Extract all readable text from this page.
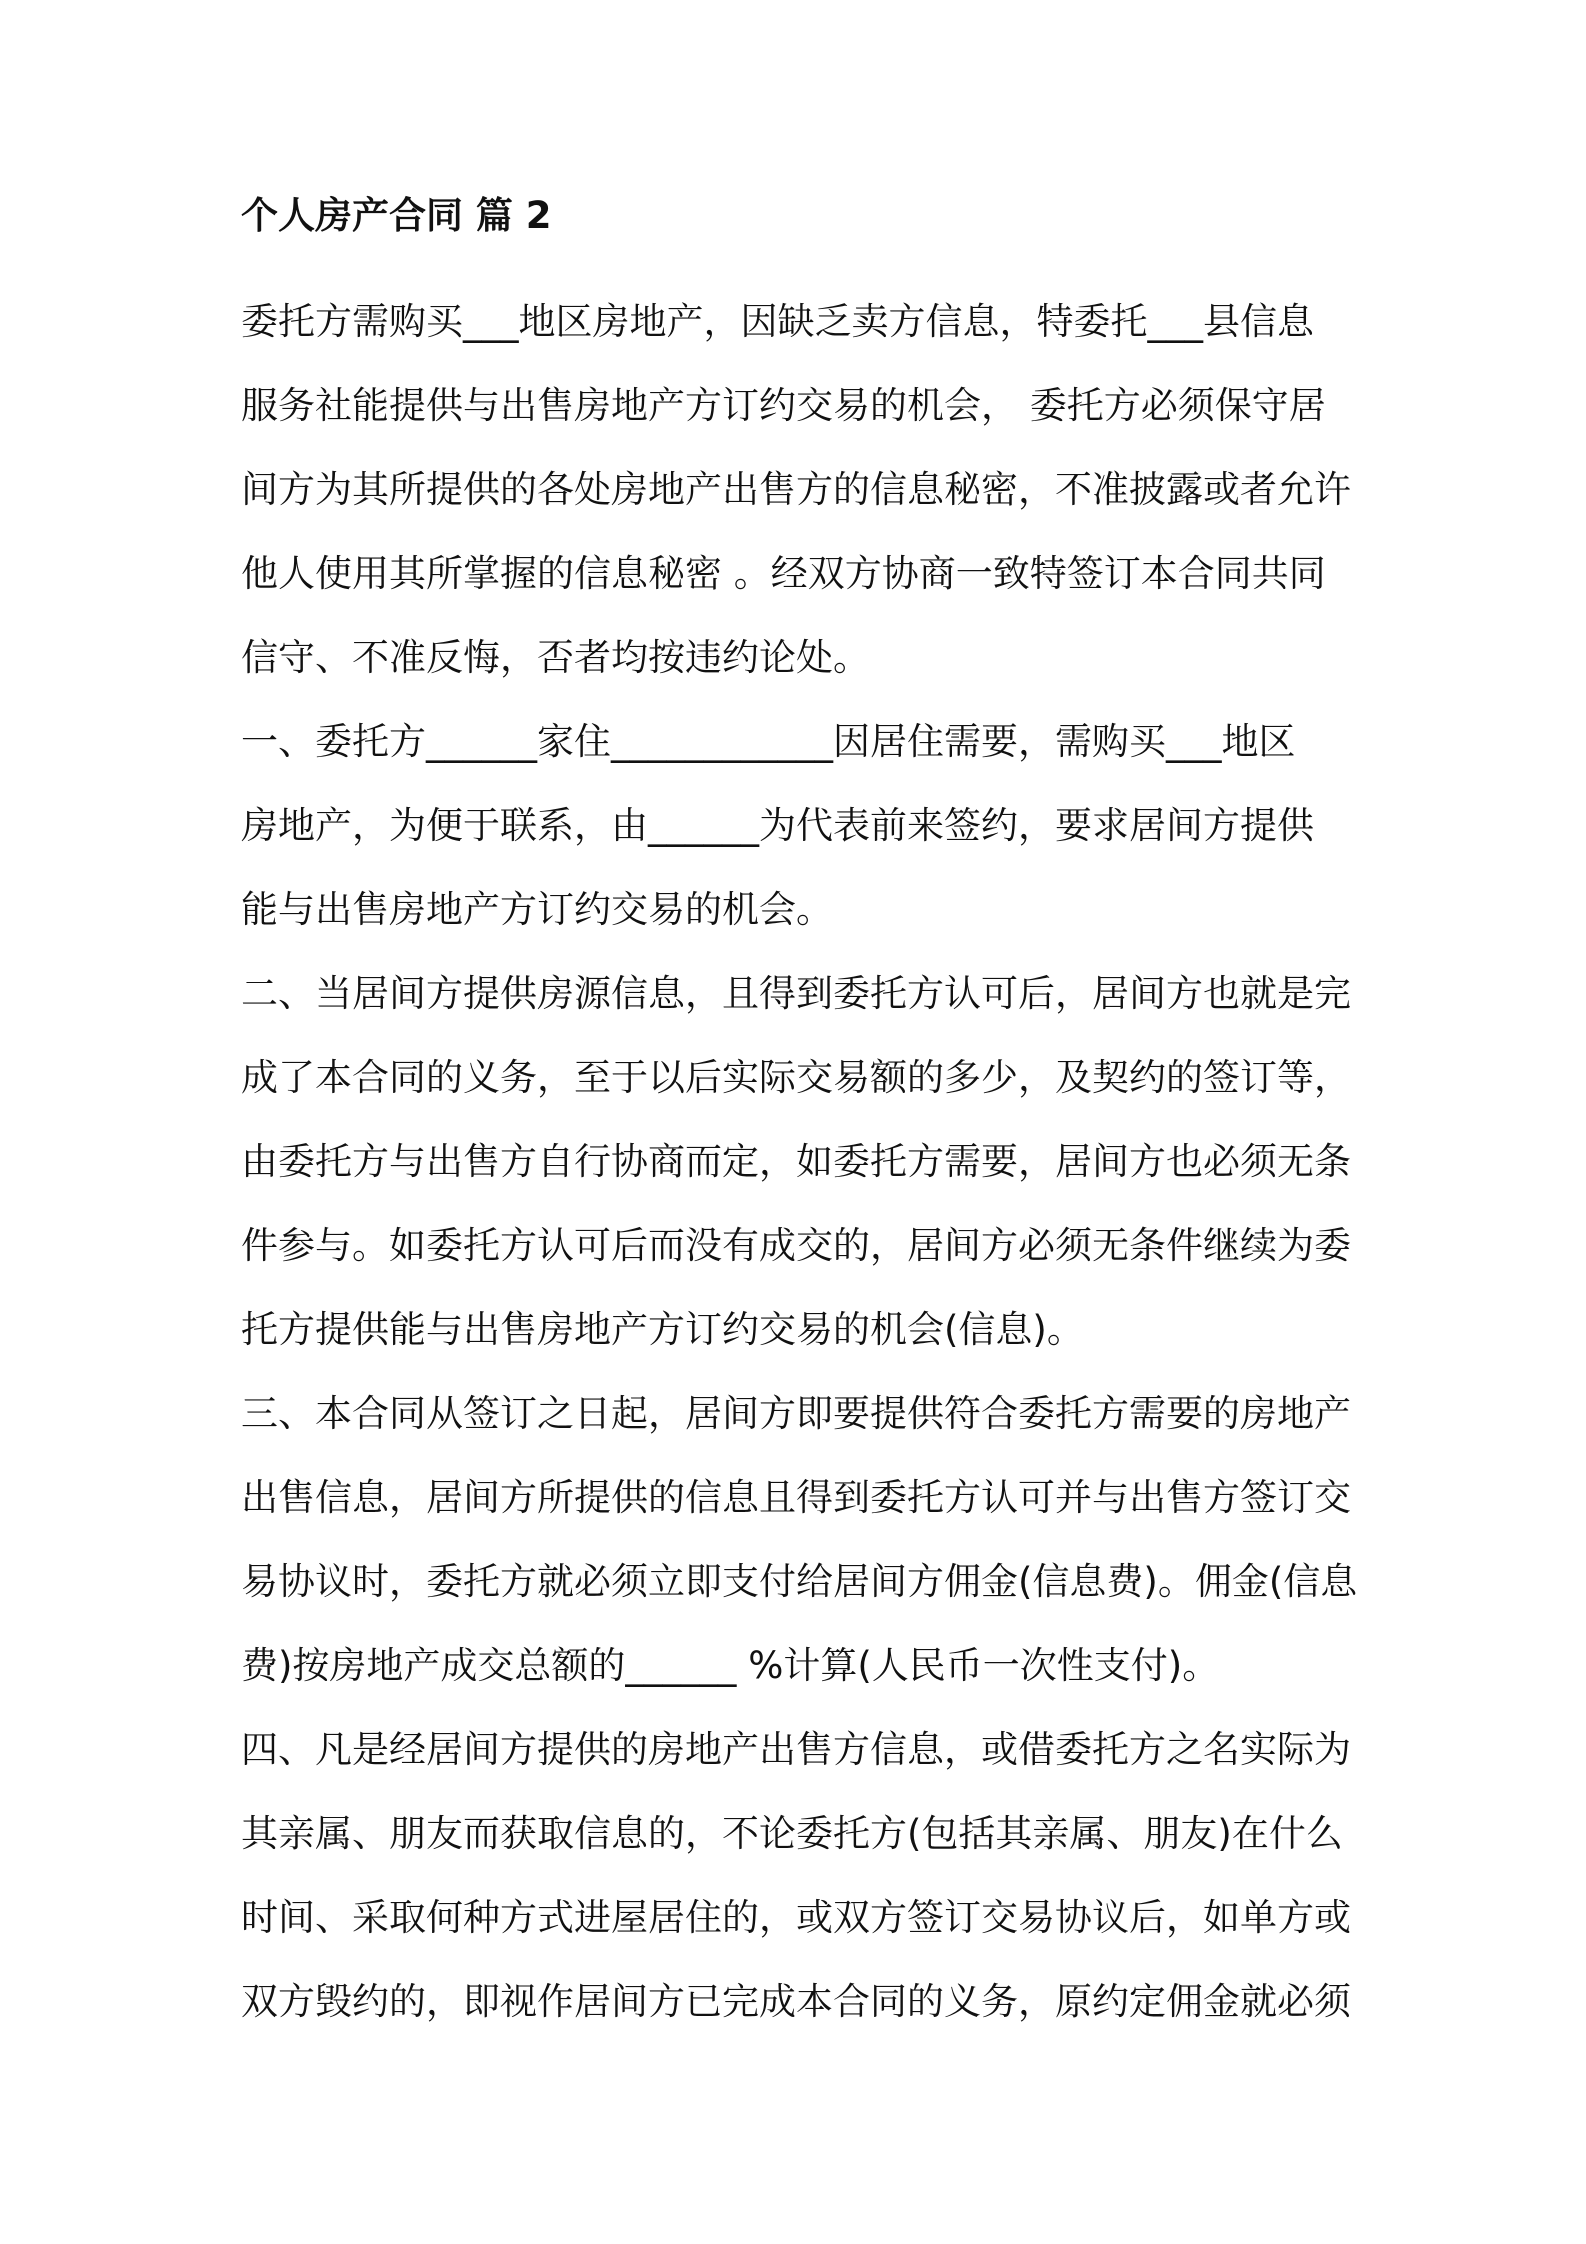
个人房产合同 篇 2
委托方需购买___地区房地产，因缺乏卖方信息，特委托___县信息
服务社能提供与出售房地产方订约交易的机会， 委托方必须保守居
间方为其所提供的各处房地产出售方的信息秘密，不准披露或者允许
他人使用其所掌握的信息秘密 。经双方协商一致特签订本合同共同
信守、不准反悔，否者均按违约论处。
一、委托方______家住____________因居住需要，需购买___地区
房地产，为便于联系，由______为代表前来签约，要求居间方提供
能与出售房地产方订约交易的机会。
二、当居间方提供房源信息，且得到委托方认可后，居间方也就是完
成了本合同的义务，至于以后实际交易额的多少，及契约的签订等，
由委托方与出售方自行协商而定，如委托方需要，居间方也必须无条
件参与。如委托方认可后而没有成交的，居间方必须无条件继续为委
托方提供能与出售房地产方订约交易的机会(信息)。
三、本合同从签订之日起，居间方即要提供符合委托方需要的房地产
出售信息，居间方所提供的信息且得到委托方认可并与出售方签订交
易协议时，委托方就必须立即支付给居间方佣金(信息费)。佣金(信息
费)按房地产成交总额的______ %计算(人民币一次性支付)。
四、凡是经居间方提供的房地产出售方信息，或借委托方之名实际为
其亲属、朋友而获取信息的，不论委托方(包括其亲属、朋友)在什么
时间、采取何种方式进屋居住的，或双方签订交易协议后，如单方或
双方毁约的，即视作居间方已完成本合同的义务，原约定佣金就必须
